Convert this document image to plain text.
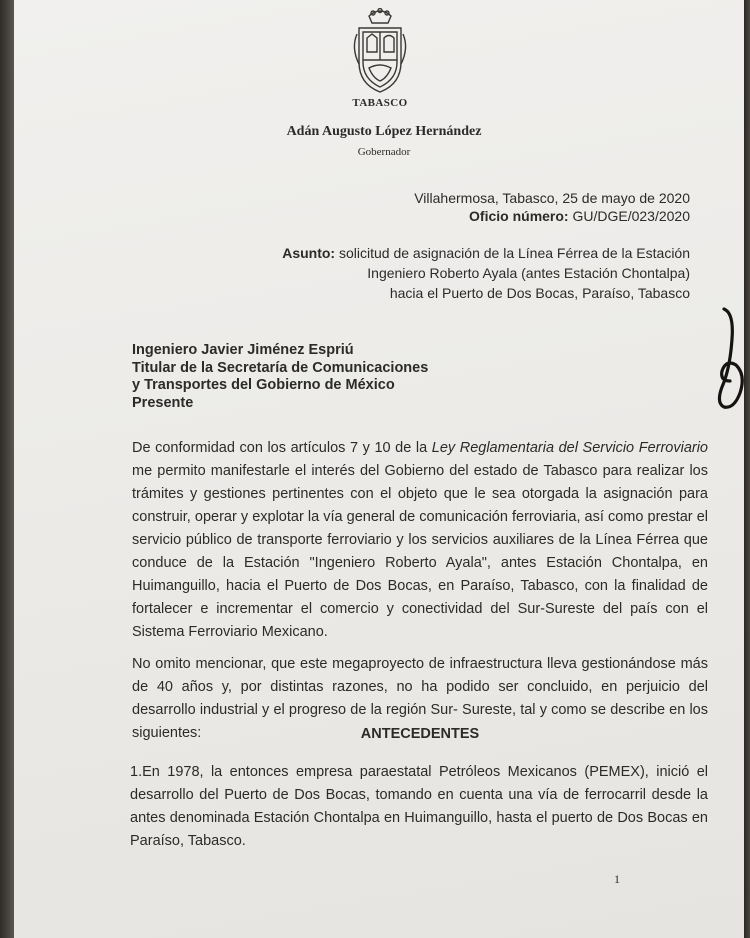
TABASCO
Adán Augusto López Hernández
Gobernador
Villahermosa, Tabasco, 25 de mayo de 2020
Oficio número: GU/DGE/023/2020
Asunto: solicitud de asignación de la Línea Férrea de la Estación
Ingeniero Roberto Ayala (antes Estación Chontalpa)
hacia el Puerto de Dos Bocas, Paraíso, Tabasco
Ingeniero Javier Jiménez Espriú
Titular de la Secretaría de Comunicaciones
y Transportes del Gobierno de México
Presente
De conformidad con los artículos 7 y 10 de la Ley Reglamentaria del Servicio Ferroviario me permito manifestarle el interés del Gobierno del estado de Tabasco para realizar los trámites y gestiones pertinentes con el objeto que le sea otorgada la asignación para construir, operar y explotar la vía general de comunicación ferroviaria, así como prestar el servicio público de transporte ferroviario y los servicios auxiliares de la Línea Férrea que conduce de la Estación "Ingeniero Roberto Ayala", antes Estación Chontalpa, en Huimanguillo, hacia el Puerto de Dos Bocas, en Paraíso, Tabasco, con la finalidad de fortalecer e incrementar el comercio y conectividad del Sur-Sureste del país con el Sistema Ferroviario Mexicano.
No omito mencionar, que este megaproyecto de infraestructura lleva gestionándose más de 40 años y, por distintas razones, no ha podido ser concluido, en perjuicio del desarrollo industrial y el progreso de la región Sur- Sureste, tal y como se describe en los siguientes:	ANTECEDENTES
1.En 1978, la entonces empresa paraestatal Petróleos Mexicanos (PEMEX), inició el desarrollo del Puerto de Dos Bocas, tomando en cuenta una vía de ferrocarril desde la antes denominada Estación Chontalpa en Huimanguillo, hasta el puerto de Dos Bocas en Paraíso, Tabasco.
1
